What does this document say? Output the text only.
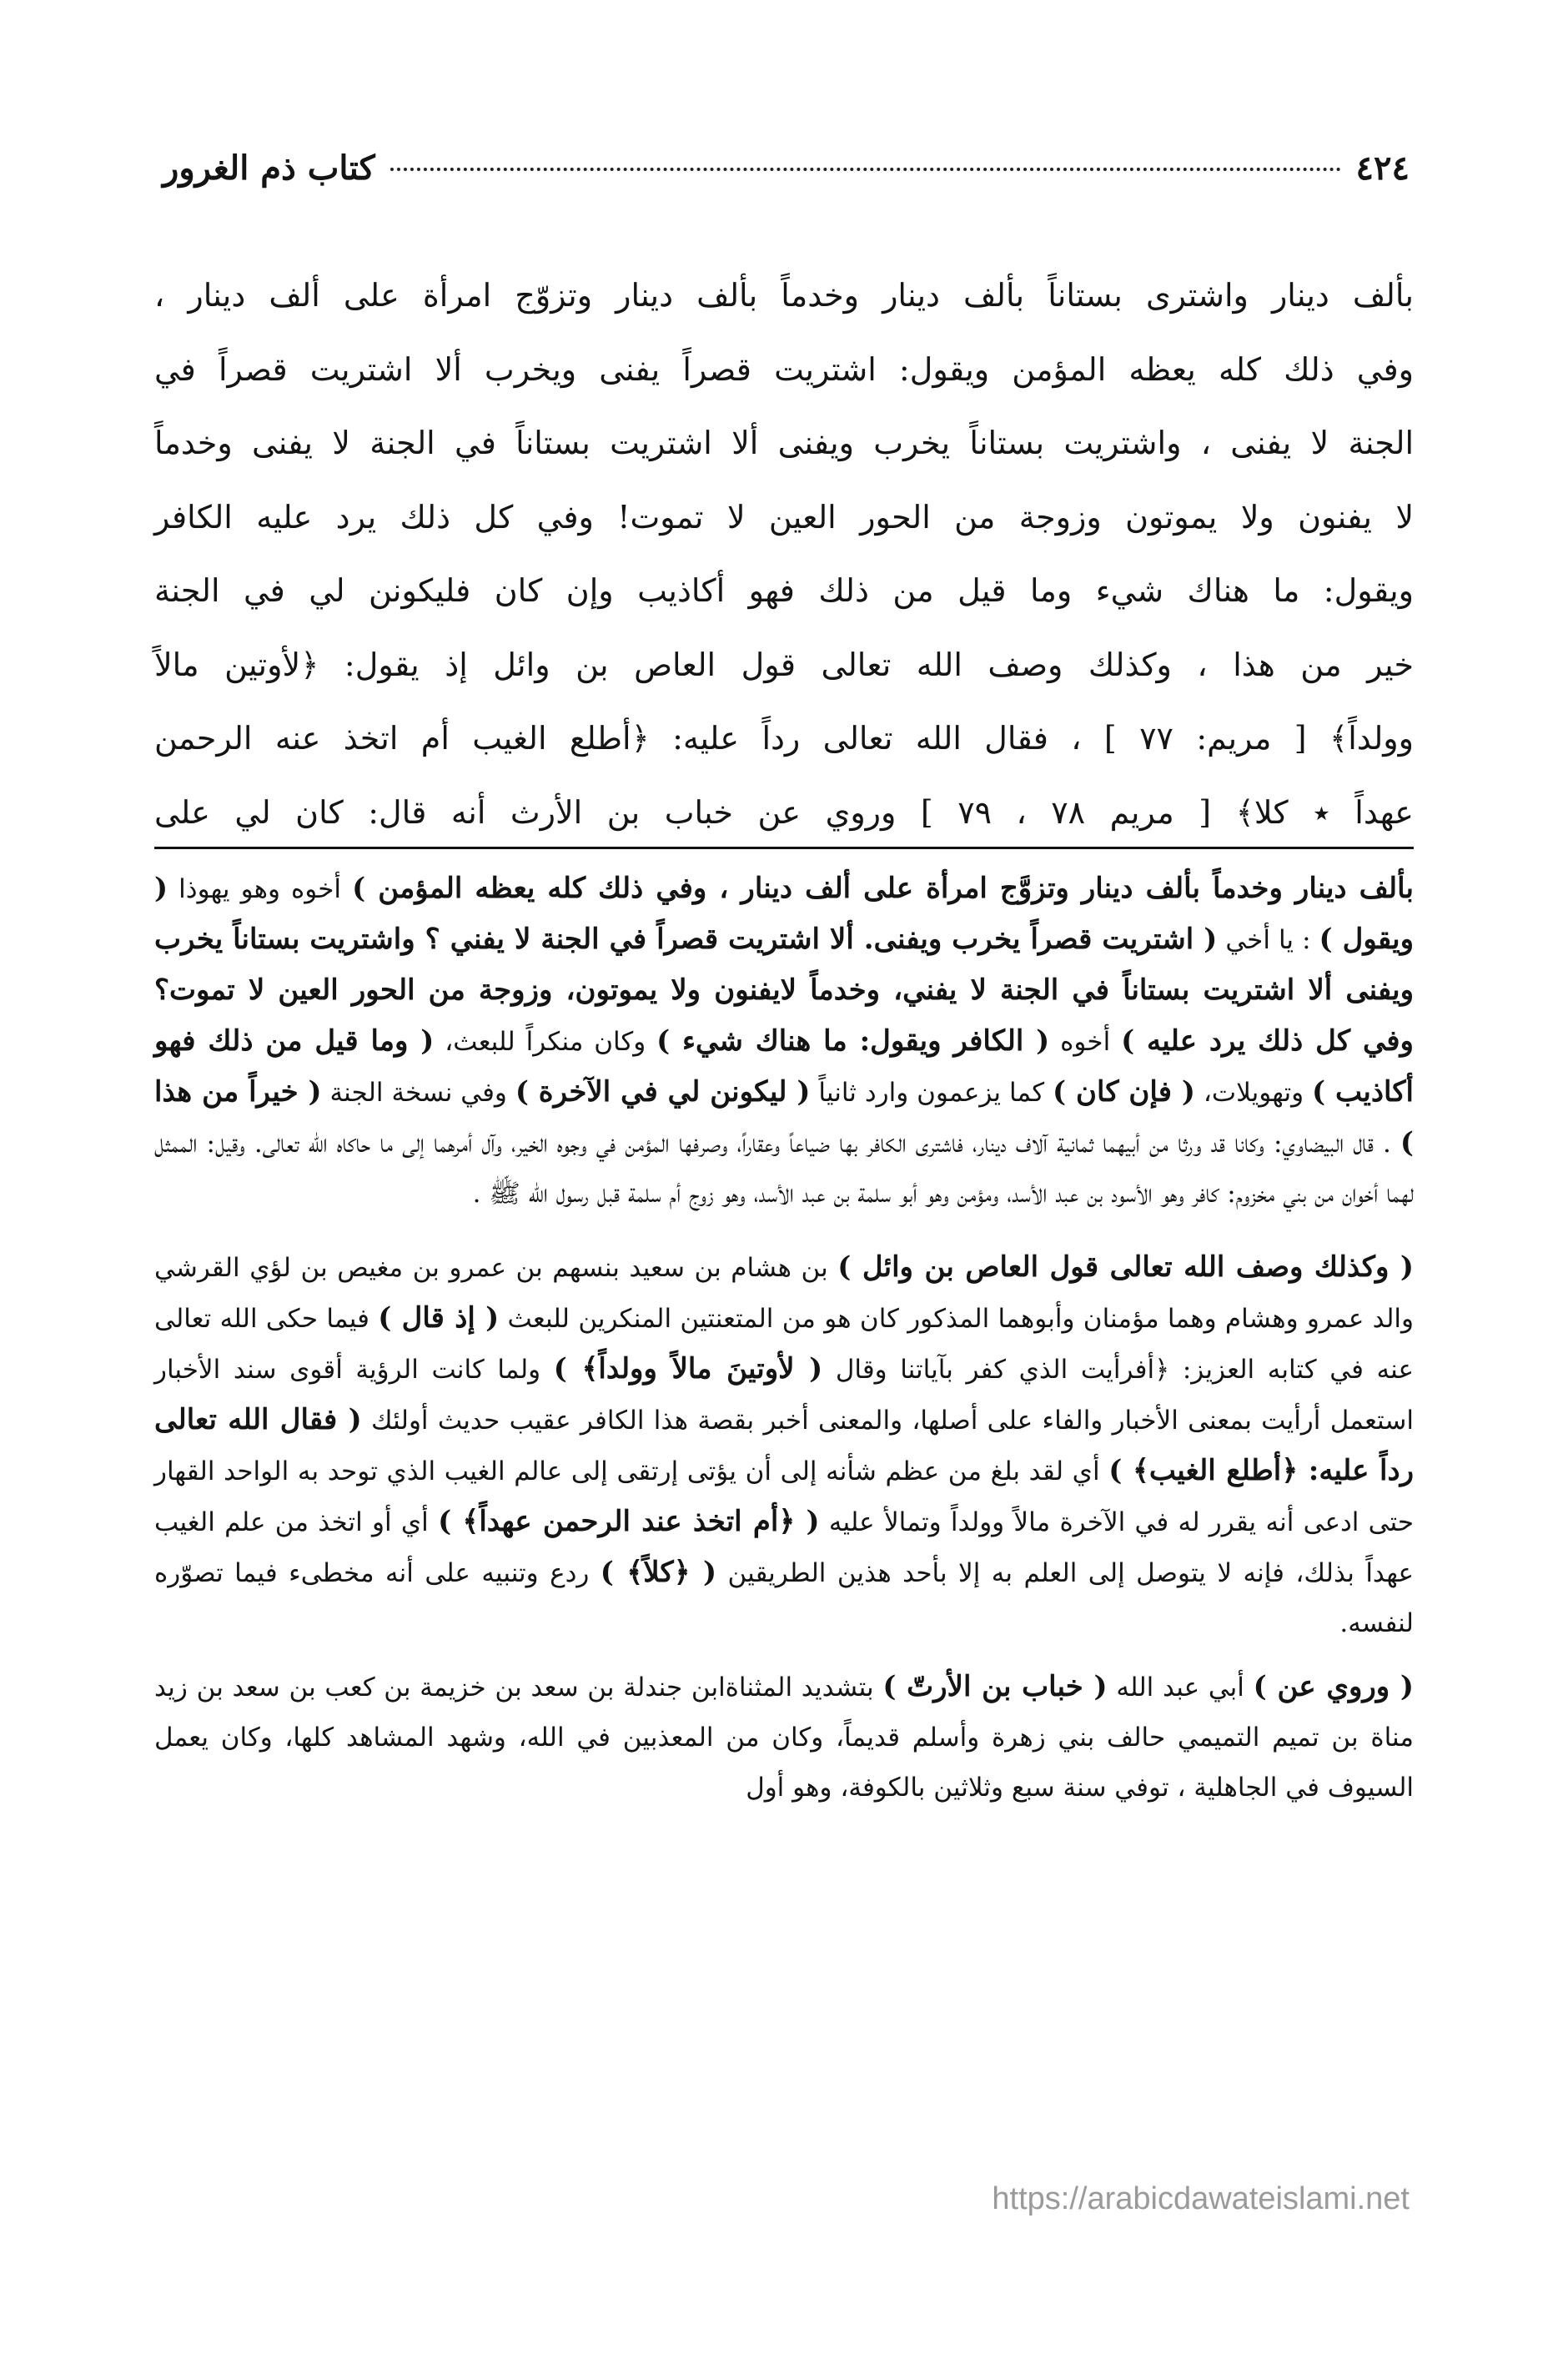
٤٢٤
كتاب ذم الغرور

بألف دينار واشترى بستاناً بألف دينار وخدماً بألف دينار وتزوّج امرأة على ألف دينار ،

وفي ذلك كله يعظه المؤمن ويقول: اشتريت قصراً يفنى ويخرب ألا اشتريت قصراً في

الجنة لا يفنى ، واشتريت بستاناً يخرب ويفنى ألا اشتريت بستاناً في الجنة لا يفنى وخدماً

لا يفنون ولا يموتون وزوجة من الحور العين لا تموت! وفي كل ذلك يرد عليه الكافر

ويقول: ما هناك شيء وما قيل من ذلك فهو أكاذيب وإن كان فليكونن لي في الجنة

خير من هذا ، وكذلك وصف الله تعالى قول العاص بن وائل إذ يقول: ﴿لأوتين مالاً

وولداً﴾ [ مريم: ٧٧ ] ، فقال الله تعالى رداً عليه: ﴿أطلع الغيب أم اتخذ عنه الرحمن

عهداً ٭ كلا﴾ [ مريم ٧٨ ، ٧٩ ] وروي عن خباب بن الأرث أنه قال: كان لي على

بألف دينار وخدماً بألف دينار وتزوَّج امرأة على ألف دينار ، وفي ذلك كله يعظه المؤمن ) أخوه وهو يهوذا ( ويقول ) : يا أخي ( اشتريت قصراً يخرب ويفنى. ألا اشتريت قصراً في الجنة لا يفني ؟ واشتريت بستاناً يخرب ويفنى ألا اشتريت بستاناً في الجنة لا يفني، وخدماً لايفنون ولا يموتون، وزوجة من الحور العين لا تموت؟ وفي كل ذلك يرد عليه ) أخوه ( الكافر ويقول: ما هناك شيء ) وكان منكراً للبعث، ( وما قيل من ذلك فهو أكاذيب ) وتهويلات، ( فإن كان ) كما يزعمون وارد ثانياً ( ليكونن لي في الآخرة ) وفي نسخة الجنة ( خيراً من هذا ) . قال البيضاوي: وكانا قد ورثا من أبيهما ثمانية آلاف دينار، فاشترى الكافر بها ضياعاً وعقاراً، وصرفها المؤمن في وجوه الخير، وآل أمرهما إلى ما حاكاه الله تعالى. وقيل: الممثل لهما أخوان من بني مخزوم: كافر وهو الأسود بن عبد الأسد، ومؤمن وهو أبو سلمة بن عبد الأسد، وهو زوج أم سلمة قبل رسول الله ﷺ .

( وكذلك وصف الله تعالى قول العاص بن وائل ) بن هشام بن سعيد بنسهم بن عمرو بن مغيص بن لؤي القرشي والد عمرو وهشام وهما مؤمنان وأبوهما المذكور كان هو من المتعنتين المنكرين للبعث ( إذ قال ) فيما حكى الله تعالى عنه في كتابه العزيز: ﴿أفرأيت الذي كفر بآياتنا وقال ( لأوتينَ مالاً وولداً﴾ ) ولما كانت الرؤية أقوى سند الأخبار استعمل أرأيت بمعنى الأخبار والفاء على أصلها، والمعنى أخبر بقصة هذا الكافر عقيب حديث أولئك ( فقال الله تعالى رداً عليه: ﴿أطلع الغيب﴾ ) أي لقد بلغ من عظم شأنه إلى أن يؤتى إرتقى إلى عالم الغيب الذي توحد به الواحد القهار حتى ادعى أنه يقرر له في الآخرة مالاً وولداً وتمالأ عليه ( ﴿أم اتخذ عند الرحمن عهداً﴾ ) أي أو اتخذ من علم الغيب عهداً بذلك، فإنه لا يتوصل إلى العلم به إلا بأحد هذين الطريقين ( ﴿كلاً﴾ ) ردع وتنبيه على أنه مخطىء فيما تصوّره لنفسه.

( وروي عن ) أبي عبد الله ( خباب بن الأرتّ ) بتشديد المثناةابن جندلة بن سعد بن خزيمة بن كعب بن سعد بن زيد مناة بن تميم التميمي حالف بني زهرة وأسلم قديماً، وكان من المعذبين في الله، وشهد المشاهد كلها، وكان يعمل السيوف في الجاهلية ، توفي سنة سبع وثلاثين بالكوفة، وهو أول

https://arabicdawateislami.net
